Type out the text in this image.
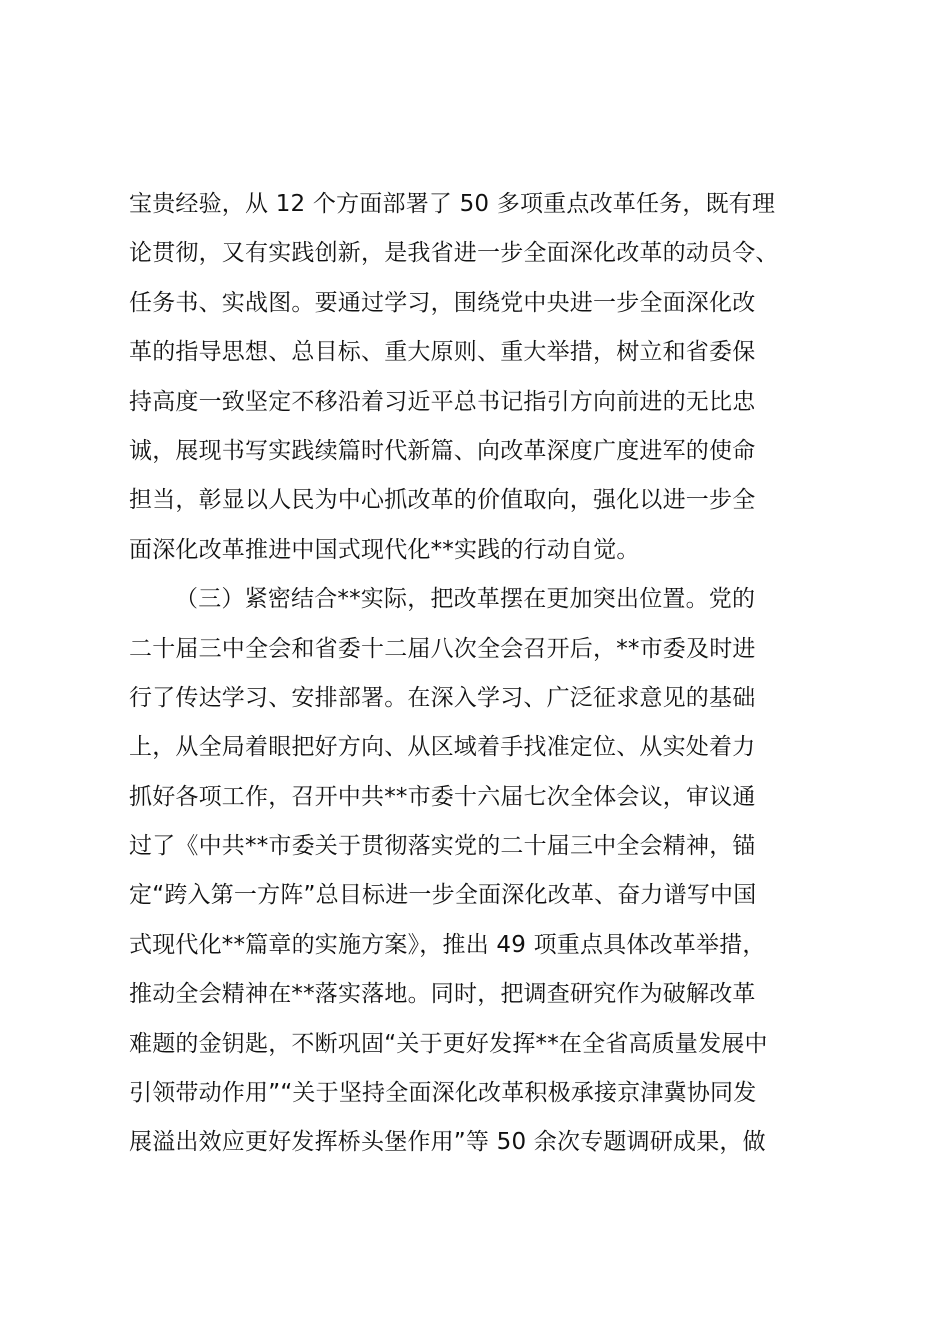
宝贵经验，从 12 个方面部署了 50 多项重点改革任务，既有理
论贯彻，又有实践创新，是我省进一步全面深化改革的动员令、
任务书、实战图。要通过学习，围绕党中央进一步全面深化改
革的指导思想、总目标、重大原则、重大举措，树立和省委保
持高度一致坚定不移沿着习近平总书记指引方向前进的无比忠
诚，展现书写实践续篇时代新篇、向改革深度广度进军的使命
担当，彰显以人民为中心抓改革的价值取向，强化以进一步全
面深化改革推进中国式现代化**实践的行动自觉。
（三）紧密结合**实际，把改革摆在更加突出位置。党的
二十届三中全会和省委十二届八次全会召开后，**市委及时进
行了传达学习、安排部署。在深入学习、广泛征求意见的基础
上，从全局着眼把好方向、从区域着手找准定位、从实处着力
抓好各项工作，召开中共**市委十六届七次全体会议，审议通
过了《中共**市委关于贯彻落实党的二十届三中全会精神，锚
定“跨入第一方阵”总目标进一步全面深化改革、奋力谱写中国
式现代化**篇章的实施方案》，推出 49 项重点具体改革举措，
推动全会精神在**落实落地。同时，把调查研究作为破解改革
难题的金钥匙，不断巩固“关于更好发挥**在全省高质量发展中
引领带动作用”“关于坚持全面深化改革积极承接京津冀协同发
展溢出效应更好发挥桥头堡作用”等 50 余次专题调研成果，做
